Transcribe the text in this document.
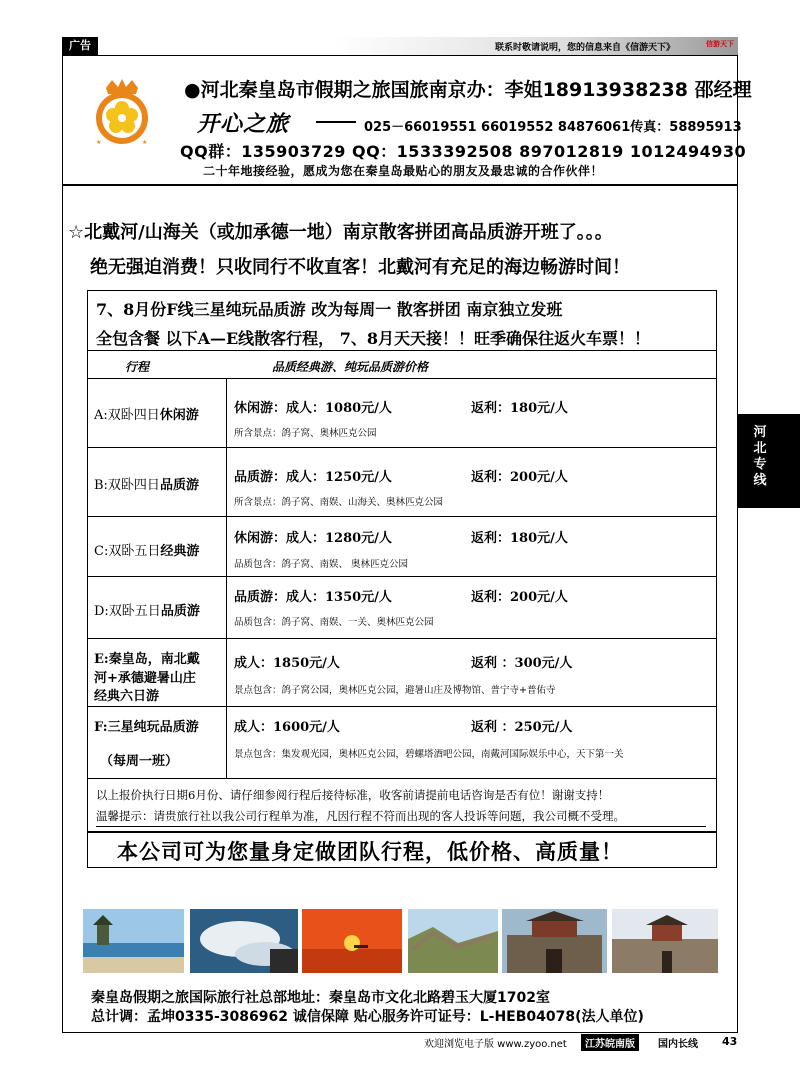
广告	联系时敬请说明，您的信息来自《信游天下》	信游天下
★	★
●河北秦皇岛市假期之旅国旅南京办：李姐18913938238 邵经理
开心之旅	025－66019551 66019552 84876061传真：58895913
QQ群：135903729 QQ：1533392508 897012819 1012494930
二十年地接经验，愿成为您在秦皇岛最贴心的朋友及最忠诚的合作伙伴！
☆北戴河/山海关（或加承德一地）南京散客拼团高品质游开班了。。。
绝无强迫消费！只收同行不收直客！北戴河有充足的海边畅游时间！
7、8月份F线三星纯玩品质游 改为每周一 散客拼团 南京独立发班
全包含餐 以下A—E线散客行程， 7、8月天天接！！旺季确保往返火车票！！
行程	品质经典游、纯玩品质游价格
A:双卧四日休闲游	休闲游：成人：1080元/人	返利：180元/人
所含景点：鸽子窝、奥林匹克公园
B:双卧四日品质游
品质游：成人：1250元/人	返利：200元/人
所含景点：鸽子窝、南娱、山海关、奥林匹克公园
C:双卧五日经典游
休闲游：成人：1280元/人	返利：180元/人
品质包含：鸽子窝、南娱、 奥林匹克公园
D:双卧五日品质游
品质游：成人：1350元/人	返利：200元/人
品质包含：鸽子窝、南娱、一关、奥林匹克公园
E:秦皇岛，南北戴
河+承德避暑山庄
经典六日游
成人：1850元/人	返利 ：300元/人
景点包含：鸽子窝公园，奥林匹克公园，避暑山庄及博物馆、普宁寺+普佑寺
F:三星纯玩品质游
（每周一班）
成人：1600元/人	返利 ：250元/人
景点包含：集发观光园，奥林匹克公园，碧螺塔酒吧公园，南戴河国际娱乐中心，天下第一关
以上报价执行日期6月份、请仔细参阅行程后接待标准，收客前请提前电话咨询是否有位！谢谢支持！
温馨提示：请贵旅行社以我公司行程单为准，凡因行程不符而出现的客人投诉等问题，我公司概不受理。
本公司可为您量身定做团队行程，低价格、高质量！
秦皇岛假期之旅国际旅行社总部地址：秦皇岛市文化北路碧玉大厦1702室
总计调：孟坤0335-3086962 诚信保障 贴心服务许可证号：L-HEB04078(法人单位)
河北专线
欢迎浏览电子版 www.zyoo.net	江苏皖南版	国内长线 43
